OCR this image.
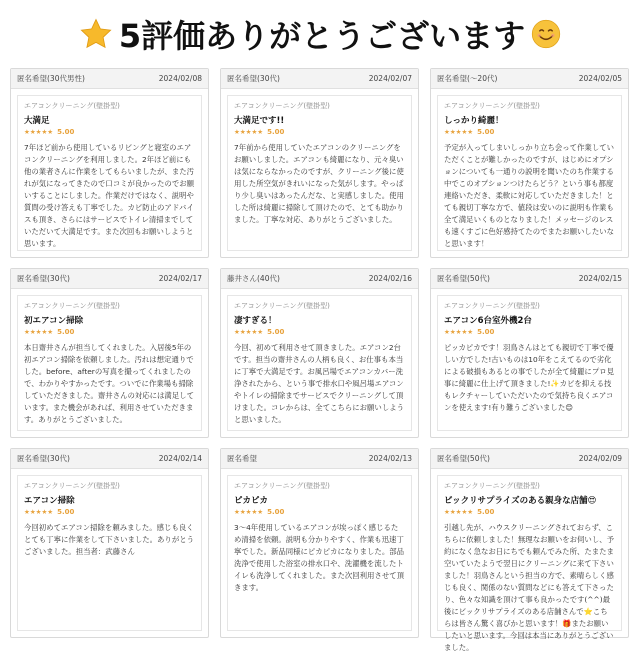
5評価ありがとうございます
匿名希望(30代男性)	2024/02/08
エアコンクリーニング(壁掛型)
大満足
★★★★★ 5.00
7年ほど前から使用しているリビングと寝室のエアコンクリーニングを利用しました。2年ほど前にも他の業者さんに作業をしてもらいましたが、また汚れが気になってきたので口コミが良かったのでお願いすることにしました。作業だけではなく、説明や質問の受け答えも丁寧でした。カビ防止のアドバイスも頂き、さらにはサービスでトイレ清掃までしていただいて大満足です。また次回もお願いしようと思います。
匿名希望(30代)	2024/02/07
エアコンクリーニング(壁掛型)
大満足です!!
★★★★★ 5.00
7年前から使用していたエアコンのクリーニングをお願いしました。エアコンも綺麗になり、元々臭いは気にならなかったのですが、クリーニング後に使用した所空気がきれいになった気がします。やっぱり少し臭いはあったんだな、と実感しました。使用した所は綺麗に掃除して頂けたので、とても助かりました。丁寧な対応、ありがとうございました。
匿名希望(〜20代)	2024/02/05
エアコンクリーニング(壁掛型)
しっかり綺麗！
★★★★★ 5.00
予定が入ってしまいしっかり立ち会って作業していただくことが難しかったのですが、はじめにオプションについても一通りの説明を聞いたのち作業する中でこのオプションつけたらどう？という事も都度連絡いただき、柔軟に対応していただきました！とても親切丁寧な方で、値段は安いのに説明も作業も全て満足いくものとなりました！メッセージのレスも速くすごに色好感持てたのでまたお願いしたいなと思います！
匿名希望(30代)	2024/02/17
エアコンクリーニング(壁掛型)
初エアコン掃除
★★★★★ 5.00
本日齋井さんが担当してくれました。入居後5年の初エアコン掃除を依頼しました。汚れは想定通りでした。before、afterの写真を撮ってくれましたので、わかりやすかったです。ついでに作業場も掃除していただきました。齋井さんの対応には満足しています。また機会があれば、利用させていただきます。ありがとうございました。
藤井さん(40代)	2024/02/16
エアコンクリーニング(壁掛型)
凄すぎる！
★★★★★ 5.00
今回、初めて利用させて頂きました。エアコン2台です。担当の齋井さんの人柄も良く、お仕事も本当に丁寧で大満足です。お風呂場でエアコンカバー洗浄されたから、という事で排水口や風呂場エアコンやトイレの掃除までサービスでクリーニングして頂けました。コレからは、全てこちらにお願いしようと思いました。
匿名希望(50代)	2024/02/15
エアコンクリーニング(壁掛型)
エアコン6台室外機2台
★★★★★ 5.00
ピッカピカです！羽鳥さんはとても親切で丁寧で優しい方でした!古いものは10年をこえてるので劣化による破損もあるとの事でしたが全て綺麗にプロ見事に綺麗に仕上げて頂きました!✨カビを抑える技もレクチャーしていただいたので気持ち良くエアコンを使えます!有り難うございました😊
匿名希望(30代)	2024/02/14
エアコンクリーニング(壁掛型)
エアコン掃除
★★★★★ 5.00
今回初めてエアコン掃除を頼みました。感じも良くとても丁寧に作業をして下さいました。ありがとうございました。担当者：武藤さん
匿名希望	2024/02/13
エアコンクリーニング(壁掛型)
ピカピカ
★★★★★ 5.00
3〜4年使用しているエアコンが埃っぽく感じるため清掃を依頼。説明も分かりやすく、作業も迅速丁寧でした。新品同様にピカピカになりました。部品洗浄で使用した浴室の排水口や、洗濯機を流したトイレも洗浄してくれました。また次回利用させて頂きます。
匿名希望(50代)	2024/02/09
エアコンクリーニング(壁掛型)
ビックリサプライズのある親身な店舗😍
★★★★★ 5.00
引越し先が、ハウスクリーニングされておらず、こちらに依頼しました！無理なお願いをお伺いし、予約になく急なお日にちでも頼んでみた所、たまたま空いていたようで翌日にクリーニングに来て下さいました！羽鳥さんという担当の方で、素晴らしく感じも良く、関係のない質問などにも答えて下さったり、色々な知識を頂けて事も良かったです(^^)最後にビックリサプライズのある店舗さんで⭐こちらは皆さん驚く喜びかと思います！🎁またお願いしたいと思います。今回は本当にありがとうございました。
